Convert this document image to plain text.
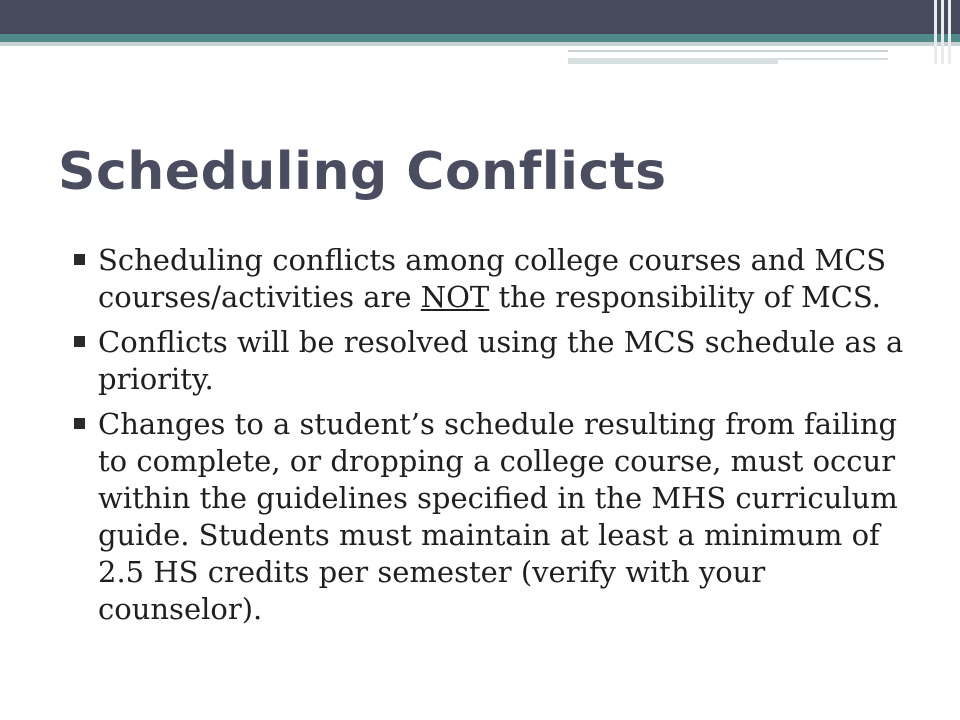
Scheduling Conflicts
Scheduling conflicts among college courses and MCS courses/activities are NOT the responsibility of MCS.
Conflicts will be resolved using the MCS schedule as a priority.
Changes to a student’s schedule resulting from failing to complete, or dropping a college course, must occur within the guidelines specified in the MHS curriculum guide. Students must maintain at least a minimum of 2.5 HS credits per semester (verify with your counselor).
